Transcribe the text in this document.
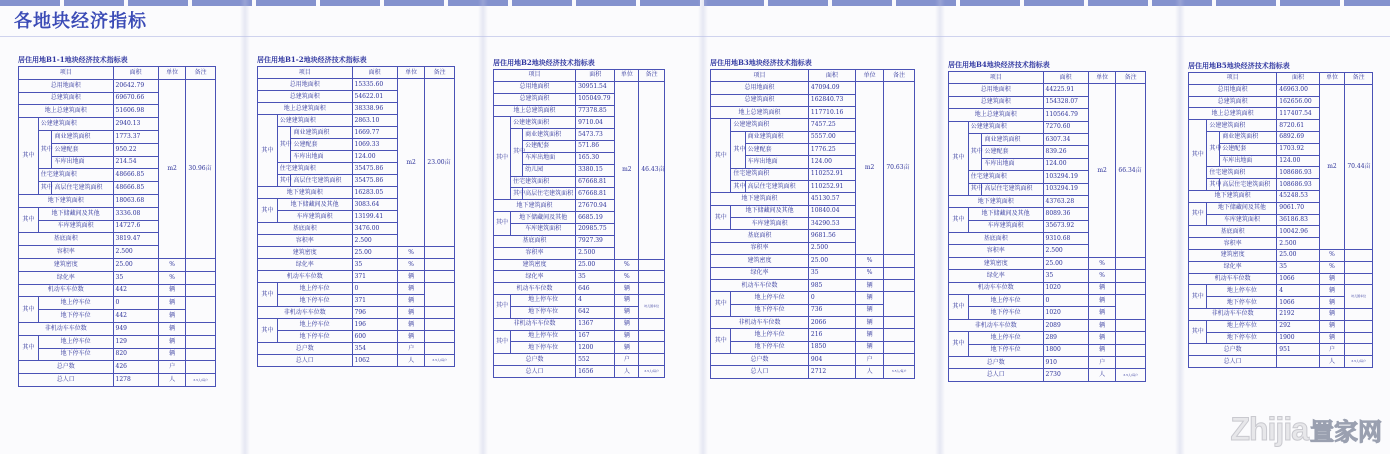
各地块经济指标
居住用地B1-1地块经济技术指标表
项目			面积	单位	备注	
总用地面积			20642.79	m2	30.96亩	
总建筑面积			69670.66			
地上总建筑面积			51606.98			
其中	公建建筑面积		2940.13			
	其中	商业建筑面积	1773.37			
		公建配套	950.22			
		车库出地面	214.54			
	住宅建筑面积		48666.85			
	其中	高层住宅建筑面积	48666.85			
地下建筑面积			18063.68			
其中	地下储藏间及其他		3336.08			
	车库建筑面积		14727.6			
基底面积			3819.47			
容积率			2.500			
建筑密度			25.00	%		
绿化率			35	%		
机动车车位数			442	辆		
其中	地上停车位		0	辆		
	地下停车位		442	辆		
非机动车车位数			949	辆		
其中	地上停车位		129	辆		
	地下停车位		820	辆		
总户数			426	户		
总人口			1278	人	3.5人/每户	
居住用地B1-2地块经济技术指标表
项目			面积	单位	备注	
总用地面积			15335.60	m2	23.00亩	
总建筑面积			54622.01			
地上总建筑面积			38338.96			
其中	公建建筑面积		2863.10			
	其中	商业建筑面积	1669.77			
		公建配套	1069.33			
		车库出地面	124.00			
	住宅建筑面积		35475.86			
	其中	高层住宅建筑面积	35475.86			
地下建筑面积			16283.05			
其中	地下储藏间及其他		3083.64			
	车库建筑面积		13199.41			
基底面积			3476.00			
容积率			2.500			
建筑密度			25.00	%		
绿化率			35	%		
机动车车位数			371	辆		
其中	地上停车位		0	辆		
	地下停车位		371	辆		
非机动车车位数			796	辆		
其中	地上停车位		196	辆		
	地下停车位		600	辆		
总户数			354	户		
总人口			1062	人	3.5人/每户	
居住用地B2地块经济技术指标表
项目			面积	单位	备注	
总用地面积			30951.54	m2	46.43亩	
总建筑面积			105049.79			
地上总建筑面积			77378.85			
其中	公建建筑面积		9710.04			
	其中	商业建筑面积	5473.73			
		公建配套	571.86			
		车库出地面	165.30			
		幼儿园	3380.15			
	住宅建筑面积		67668.81			
	其中	高层住宅建筑面积	67668.81			
地下建筑面积			27670.94			
其中	地下储藏间及其他		6685.19			
	车库建筑面积		20985.75			
基底面积			7927.39			
容积率			2.500			
建筑密度			25.00	%		
绿化率			35	%		
机动车车位数			646	辆		
其中	地上停车位		4	辆	幼儿园车位	
	地下停车位		642	辆		
非机动车车位数			1367	辆		
其中	地上停车位		167	辆		
	地下停车位		1200	辆		
总户数			552	户		
总人口			1656	人	3.5人/每户	
居住用地B3地块经济技术指标表
项目			面积	单位	备注	
总用地面积			47094.09	m2	70.63亩	
总建筑面积			162840.73			
地上总建筑面积			117710.16			
其中	公建建筑面积		7457.25			
	其中	商业建筑面积	5557.00			
		公建配套	1776.25			
		车库出地面	124.00			
	住宅建筑面积		110252.91			
	其中	高层住宅建筑面积	110252.91			
地下建筑面积			45130.57			
其中	地下储藏间及其他		10840.04			
	车库建筑面积		34290.53			
基底面积			9681.56			
容积率			2.500			
建筑密度			25.00	%		
绿化率			35	%		
机动车车位数			985	辆		
其中	地上停车位		0	辆		
	地下停车位		736	辆		
非机动车车位数			2066	辆		
其中	地上停车位		216	辆		
	地下停车位		1850	辆		
总户数			904	户		
总人口			2712	人	3.5人/每户	
居住用地B4地块经济技术指标表
项目			面积	单位	备注	
总用地面积			44225.91	m2	66.34亩	
总建筑面积			154328.07			
地上总建筑面积			110564.79			
其中	公建建筑面积		7270.60			
	其中	商业建筑面积	6307.34			
		公建配套	839.26			
		车库出地面	124.00			
	住宅建筑面积		103294.19			
	其中	高层住宅建筑面积	103294.19			
地下建筑面积			43763.28			
其中	地下储藏间及其他		8089.36			
	车库建筑面积		35673.92			
基底面积			9310.68			
容积率			2.500			
建筑密度			25.00	%		
绿化率			35	%		
机动车车位数			1020	辆		
其中	地上停车位		0	辆		
	地下停车位		1020	辆		
非机动车车位数			2089	辆		
其中	地上停车位		289	辆		
	地下停车位		1800	辆		
总户数			910	户		
总人口			2730	人	3.5人/每户	
居住用地B5地块经济技术指标表
项目			面积	单位	备注	
总用地面积			46963.00	m2	70.44亩	
总建筑面积			162656.00			
地上总建筑面积			117407.54			
其中	公建建筑面积		8720.61			
	其中	商业建筑面积	6892.69			
		公建配套	1703.92			
		车库出地面	124.00			
	住宅建筑面积		108686.93			
	其中	高层住宅建筑面积	108686.93			
地下建筑面积			45248.53			
其中	地下储藏间及其他		9061.70			
	车库建筑面积		36186.83			
基底面积			10042.96			
容积率			2.500			
建筑密度			25.00	%		
绿化率			35	%		
机动车车位数			1066	辆		
其中	地上停车位		4	辆	幼儿园车位	
	地下停车位		1066	辆		
非机动车车位数			2192	辆		
其中	地上停车位		292	辆		
	地下停车位		1900	辆		
总户数			951	户		
总人口				人	3.5人/每户	
Zhijia 置家网
